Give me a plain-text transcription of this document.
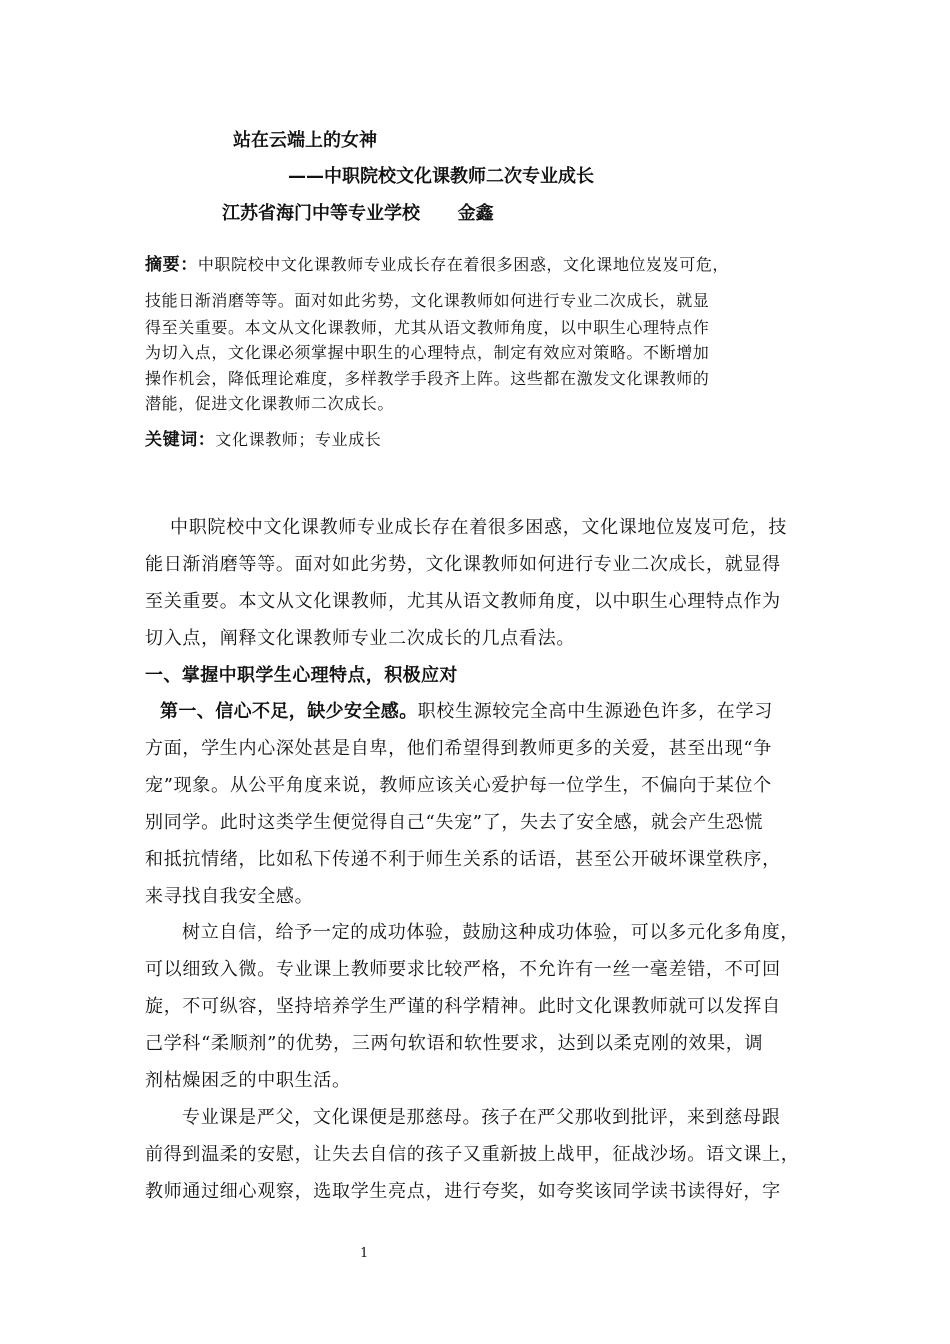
站在云端上的女神
——中职院校文化课教师二次专业成长
江苏省海门中等专业学校      金鑫
摘要：中职院校中文化课教师专业成长存在着很多困惑，文化课地位岌岌可危，
技能日渐消磨等等。面对如此劣势，文化课教师如何进行专业二次成长，就显
得至关重要。本文从文化课教师，尤其从语文教师角度，以中职生心理特点作
为切入点，文化课必须掌握中职生的心理特点，制定有效应对策略。不断增加
操作机会，降低理论难度，多样教学手段齐上阵。这些都在激发文化课教师的
潜能，促进文化课教师二次成长。
关键词：文化课教师；专业成长
中职院校中文化课教师专业成长存在着很多困惑，文化课地位岌岌可危，技
能日渐消磨等等。面对如此劣势，文化课教师如何进行专业二次成长，就显得
至关重要。本文从文化课教师，尤其从语文教师角度，以中职生心理特点作为
切入点，阐释文化课教师专业二次成长的几点看法。
一、掌握中职学生心理特点，积极应对
第一、信心不足，缺少安全感。职校生源较完全高中生源逊色许多，在学习
方面，学生内心深处甚是自卑，他们希望得到教师更多的关爱，甚至出现“争
宠”现象。从公平角度来说，教师应该关心爱护每一位学生，不偏向于某位个
别同学。此时这类学生便觉得自己“失宠”了，失去了安全感，就会产生恐慌
和抵抗情绪，比如私下传递不利于师生关系的话语，甚至公开破坏课堂秩序，
来寻找自我安全感。
树立自信，给予一定的成功体验，鼓励这种成功体验，可以多元化多角度，
可以细致入微。专业课上教师要求比较严格，不允许有一丝一毫差错，不可回
旋，不可纵容，坚持培养学生严谨的科学精神。此时文化课教师就可以发挥自
己学科“柔顺剂”的优势，三两句软语和软性要求，达到以柔克刚的效果，调
剂枯燥困乏的中职生活。
专业课是严父，文化课便是那慈母。孩子在严父那收到批评，来到慈母跟
前得到温柔的安慰，让失去自信的孩子又重新披上战甲，征战沙场。语文课上，
教师通过细心观察，选取学生亮点，进行夸奖，如夸奖该同学读书读得好，字
1
